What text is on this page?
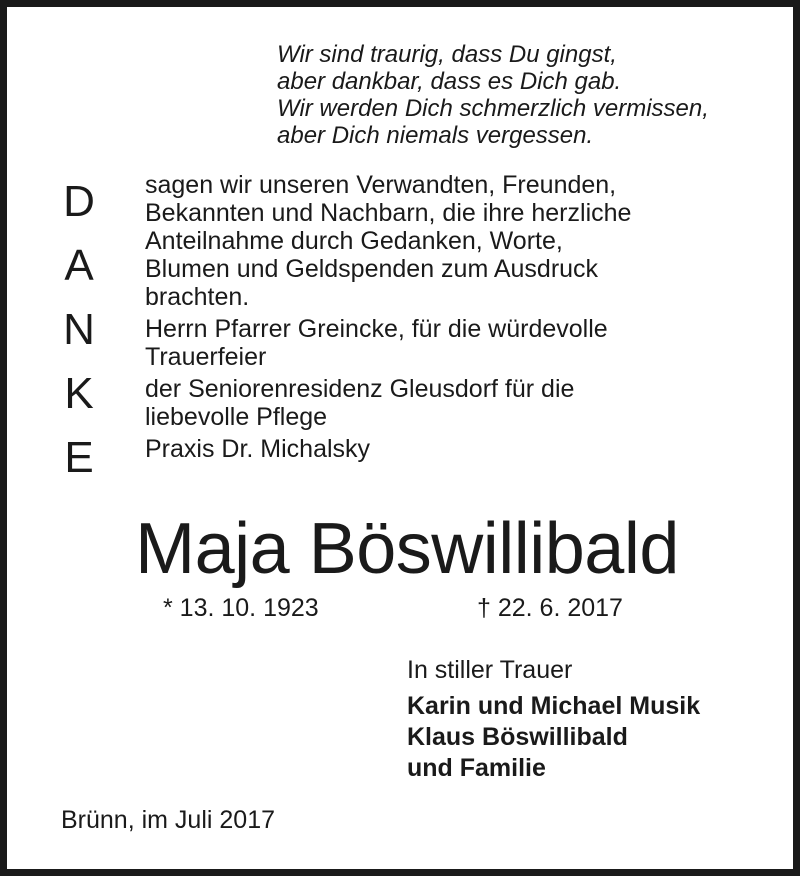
Wir sind traurig, dass Du gingst,
aber dankbar, dass es Dich gab.
Wir werden Dich schmerzlich vermissen,
aber Dich niemals vergessen.
D
A
N
K
E
sagen wir unseren Verwandten, Freunden,
Bekannten und Nachbarn, die ihre herzliche
Anteilnahme durch Gedanken, Worte,
Blumen und Geldspenden zum Ausdruck
brachten.
Herrn Pfarrer Greincke, für die würdevolle
Trauerfeier
der Seniorenresidenz Gleusdorf für die
liebevolle Pflege
Praxis Dr. Michalsky
Maja Böswillibald
* 13. 10. 1923	† 22. 6. 2017
In stiller Trauer
Karin und Michael Musik
Klaus Böswillibald
und Familie
Brünn, im Juli 2017
